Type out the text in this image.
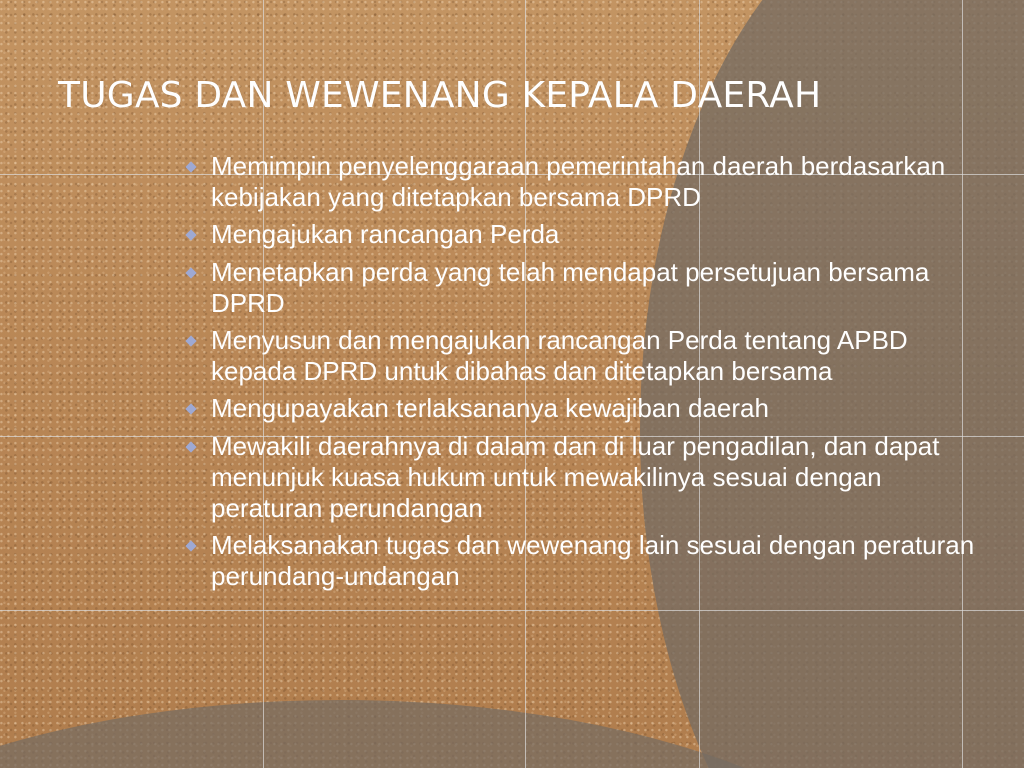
TUGAS DAN WEWENANG KEPALA DAERAH
Memimpin penyelenggaraan pemerintahan daerah berdasarkan kebijakan yang ditetapkan bersama DPRD
Mengajukan rancangan Perda
Menetapkan perda yang telah mendapat persetujuan bersama DPRD
Menyusun dan mengajukan rancangan Perda tentang APBD kepada DPRD untuk dibahas dan ditetapkan bersama
Mengupayakan terlaksananya kewajiban daerah
Mewakili daerahnya di dalam dan di luar pengadilan, dan dapat menunjuk kuasa hukum untuk mewakilinya sesuai dengan peraturan perundangan
Melaksanakan tugas dan wewenang lain sesuai dengan peraturan perundang-undangan
